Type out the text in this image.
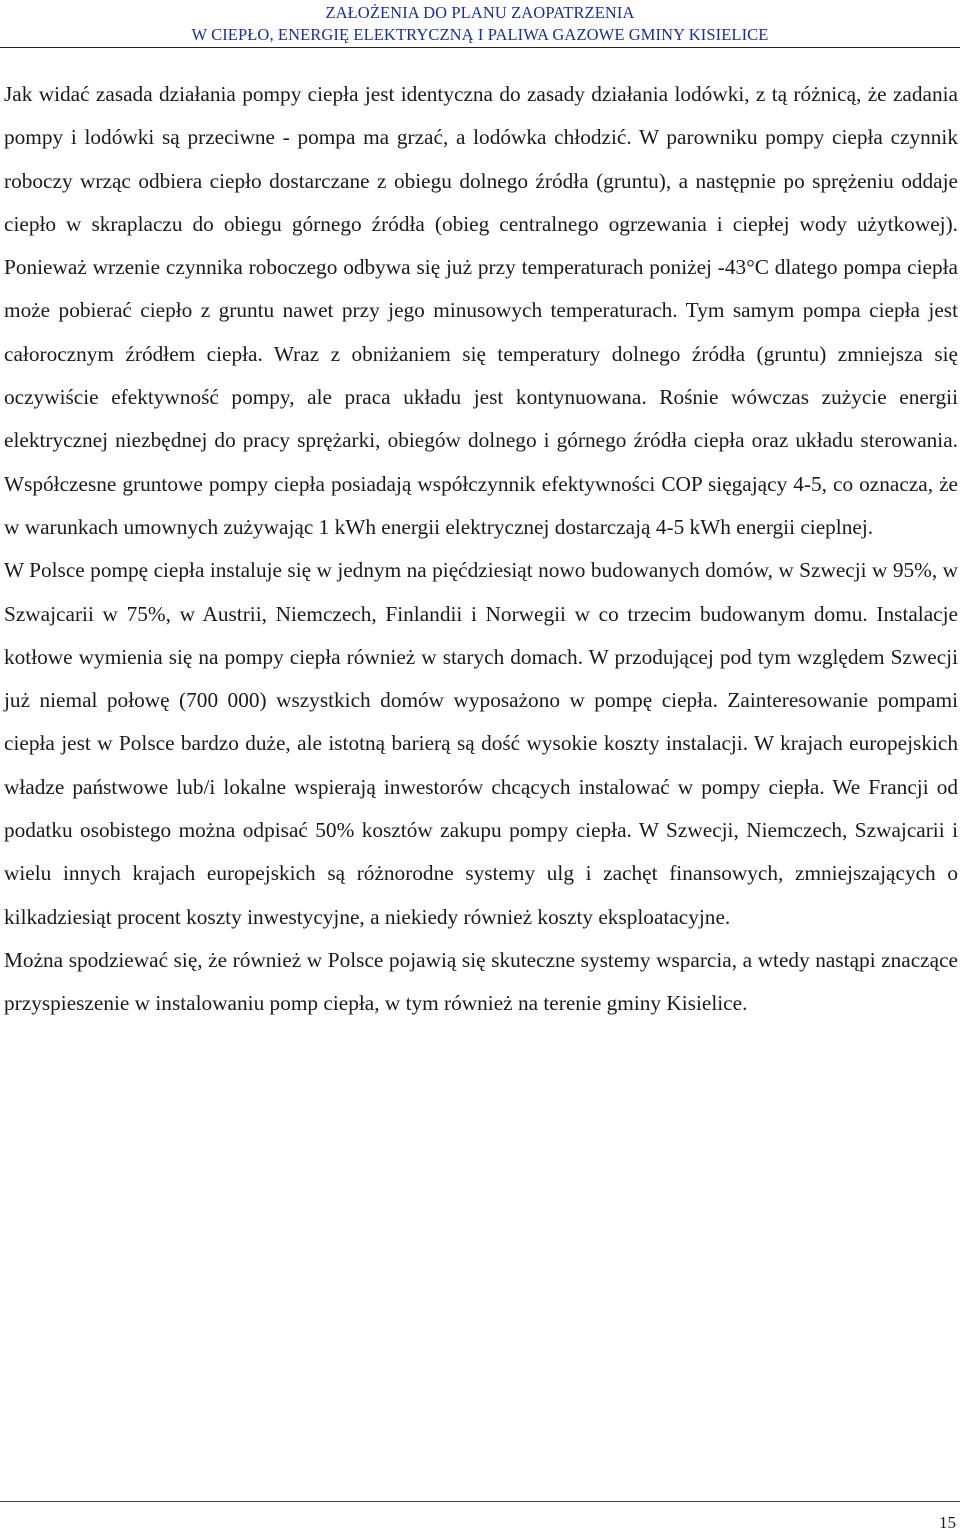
ZAŁOŻENIA DO PLANU ZAOPATRZENIA
W CIEPŁO, ENERGIĘ ELEKTRYCZNĄ I PALIWA GAZOWE GMINY KISIELICE

Jak widać zasada działania pompy ciepła jest identyczna do zasady działania lodówki, z tą różnicą, że zadania pompy i lodówki są przeciwne - pompa ma grzać, a lodówka chłodzić. W parowniku pompy ciepła czynnik roboczy wrząc odbiera ciepło dostarczane z obiegu dolnego źródła (gruntu), a następnie po sprężeniu oddaje ciepło w skraplaczu do obiegu górnego źródła (obieg centralnego ogrzewania i ciepłej wody użytkowej). Ponieważ wrzenie czynnika roboczego odbywa się już przy temperaturach poniżej -43°C dlatego pompa ciepła może pobierać ciepło z gruntu nawet przy jego minusowych temperaturach. Tym samym pompa ciepła jest całorocznym źródłem ciepła. Wraz z obniżaniem się temperatury dolnego źródła (gruntu) zmniejsza się oczywiście efektywność pompy, ale praca układu jest kontynuowana. Rośnie wówczas zużycie energii elektrycznej niezbędnej do pracy sprężarki, obiegów dolnego i górnego źródła ciepła oraz układu sterowania. Współczesne gruntowe pompy ciepła posiadają współczynnik efektywności COP sięgający 4-5, co oznacza, że w warunkach umownych zużywając 1 kWh energii elektrycznej dostarczają 4-5 kWh energii cieplnej.

W Polsce pompę ciepła instaluje się w jednym na pięćdziesiąt nowo budowanych domów, w Szwecji w 95%, w Szwajcarii w 75%, w Austrii, Niemczech, Finlandii i Norwegii w co trzecim budowanym domu. Instalacje kotłowe wymienia się na pompy ciepła również w starych domach. W przodującej pod tym względem Szwecji już niemal połowę (700 000) wszystkich domów wyposażono w pompę ciepła. Zainteresowanie pompami ciepła jest w Polsce bardzo duże, ale istotną barierą są dość wysokie koszty instalacji. W krajach europejskich władze państwowe lub/i lokalne wspierają inwestorów chcących instalować w pompy ciepła. We Francji od podatku osobistego można odpisać 50% kosztów zakupu pompy ciepła. W Szwecji, Niemczech, Szwajcarii i wielu innych krajach europejskich są różnorodne systemy ulg i zachęt finansowych, zmniejszających o kilkadziesiąt procent koszty inwestycyjne, a niekiedy również koszty eksploatacyjne.

Można spodziewać się, że również w Polsce pojawią się skuteczne systemy wsparcia, a wtedy nastąpi znaczące przyspieszenie w instalowaniu pomp ciepła, w tym również na terenie gminy Kisielice.

15
